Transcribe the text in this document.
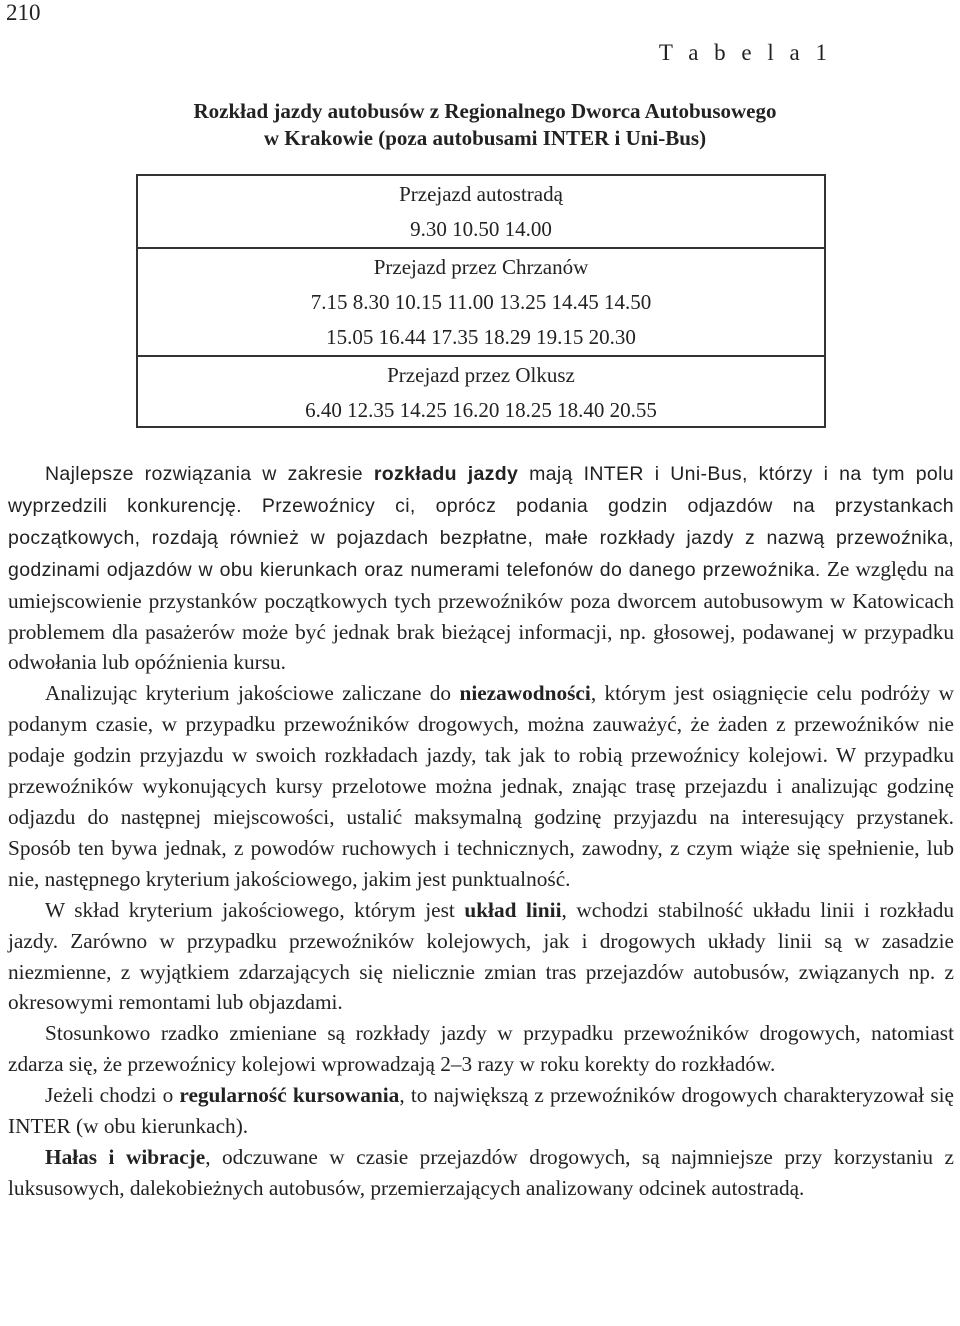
210
T a b e l a 1
Rozkład jazdy autobusów z Regionalnego Dworca Autobusowego
w Krakowie (poza autobusami INTER i Uni-Bus)
Przejazd autostradą
9.30 10.50 14.00
Przejazd przez Chrzanów
7.15 8.30 10.15 11.00 13.25 14.45 14.50
15.05 16.44 17.35 18.29 19.15 20.30
Przejazd przez Olkusz
6.40 12.35 14.25 16.20 18.25 18.40 20.55

Najlepsze rozwiązania w zakresie rozkładu jazdy mają INTER i Uni-Bus, którzy i na tym polu wyprzedzili konkurencję. Przewoźnicy ci, oprócz podania godzin odjazdów na przystankach początkowych, rozdają również w pojazdach bezpłatne, małe rozkłady jazdy z nazwą przewoźnika, godzinami odjazdów w obu kierunkach oraz numerami telefonów do danego przewoźnika. Ze względu na umiejscowienie przystanków początkowych tych przewoźników poza dworcem autobusowym w Katowicach problemem dla pasażerów może być jednak brak bieżącej informacji, np. głosowej, podawanej w przypadku odwołania lub opóźnienia kursu.

Analizując kryterium jakościowe zaliczane do niezawodności, którym jest osiągnięcie celu podróży w podanym czasie, w przypadku przewoźników drogowych, można zauważyć, że żaden z przewoźników nie podaje godzin przyjazdu w swoich rozkładach jazdy, tak jak to robią przewoźnicy kolejowi. W przypadku przewoźników wykonujących kursy przelotowe można jednak, znając trasę przejazdu i analizując godzinę odjazdu do następnej miejscowości, ustalić maksymalną godzinę przyjazdu na interesujący przystanek. Sposób ten bywa jednak, z powodów ruchowych i technicznych, zawodny, z czym wiąże się spełnienie, lub nie, następnego kryterium jakościowego, jakim jest punktualność.

W skład kryterium jakościowego, którym jest układ linii, wchodzi stabilność układu linii i rozkładu jazdy. Zarówno w przypadku przewoźników kolejowych, jak i drogowych układy linii są w zasadzie niezmienne, z wyjątkiem zdarzających się nielicznie zmian tras przejazdów autobusów, związanych np. z okresowymi remontami lub objazdami.

Stosunkowo rzadko zmieniane są rozkłady jazdy w przypadku przewoźników drogowych, natomiast zdarza się, że przewoźnicy kolejowi wprowadzają 2–3 razy w roku korekty do rozkładów.

Jeżeli chodzi o regularność kursowania, to największą z przewoźników drogowych charakteryzował się INTER (w obu kierunkach).

Hałas i wibracje, odczuwane w czasie przejazdów drogowych, są najmniejsze przy korzystaniu z luksusowych, dalekobieżnych autobusów, przemierzających analizowany odcinek autostradą.
